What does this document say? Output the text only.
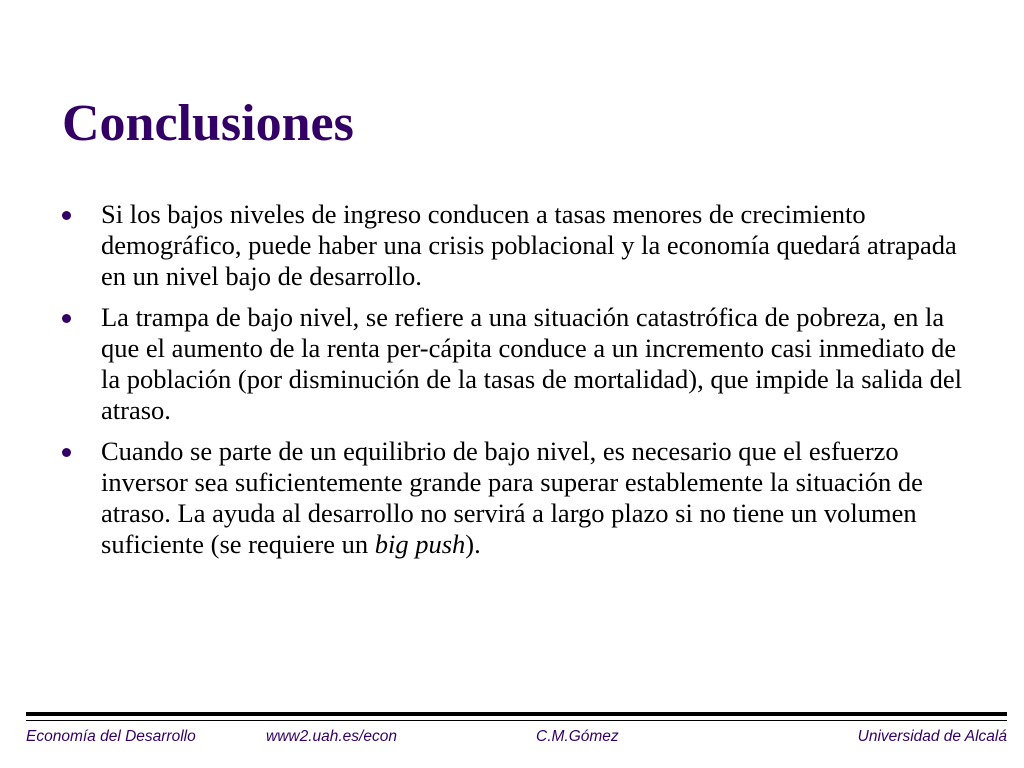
Conclusiones
Si los bajos niveles de ingreso conducen a tasas menores de crecimiento demográfico, puede haber una crisis poblacional y la economía quedará atrapada en un nivel bajo de desarrollo.
La trampa de bajo nivel, se refiere a una situación catastrófica de pobreza, en la que el aumento de la renta per-cápita conduce a un incremento casi inmediato de la población (por disminución de la tasas de mortalidad), que impide la salida del atraso.
Cuando se parte de un equilibrio de bajo nivel, es necesario que el esfuerzo inversor sea suficientemente grande para superar establemente la situación de atraso. La ayuda al desarrollo no servirá a largo plazo si no tiene un volumen suficiente (se requiere un big push).

Economía del Desarrollo	www2.uah.es/econ	C.M.Gómez	Universidad de Alcalá
